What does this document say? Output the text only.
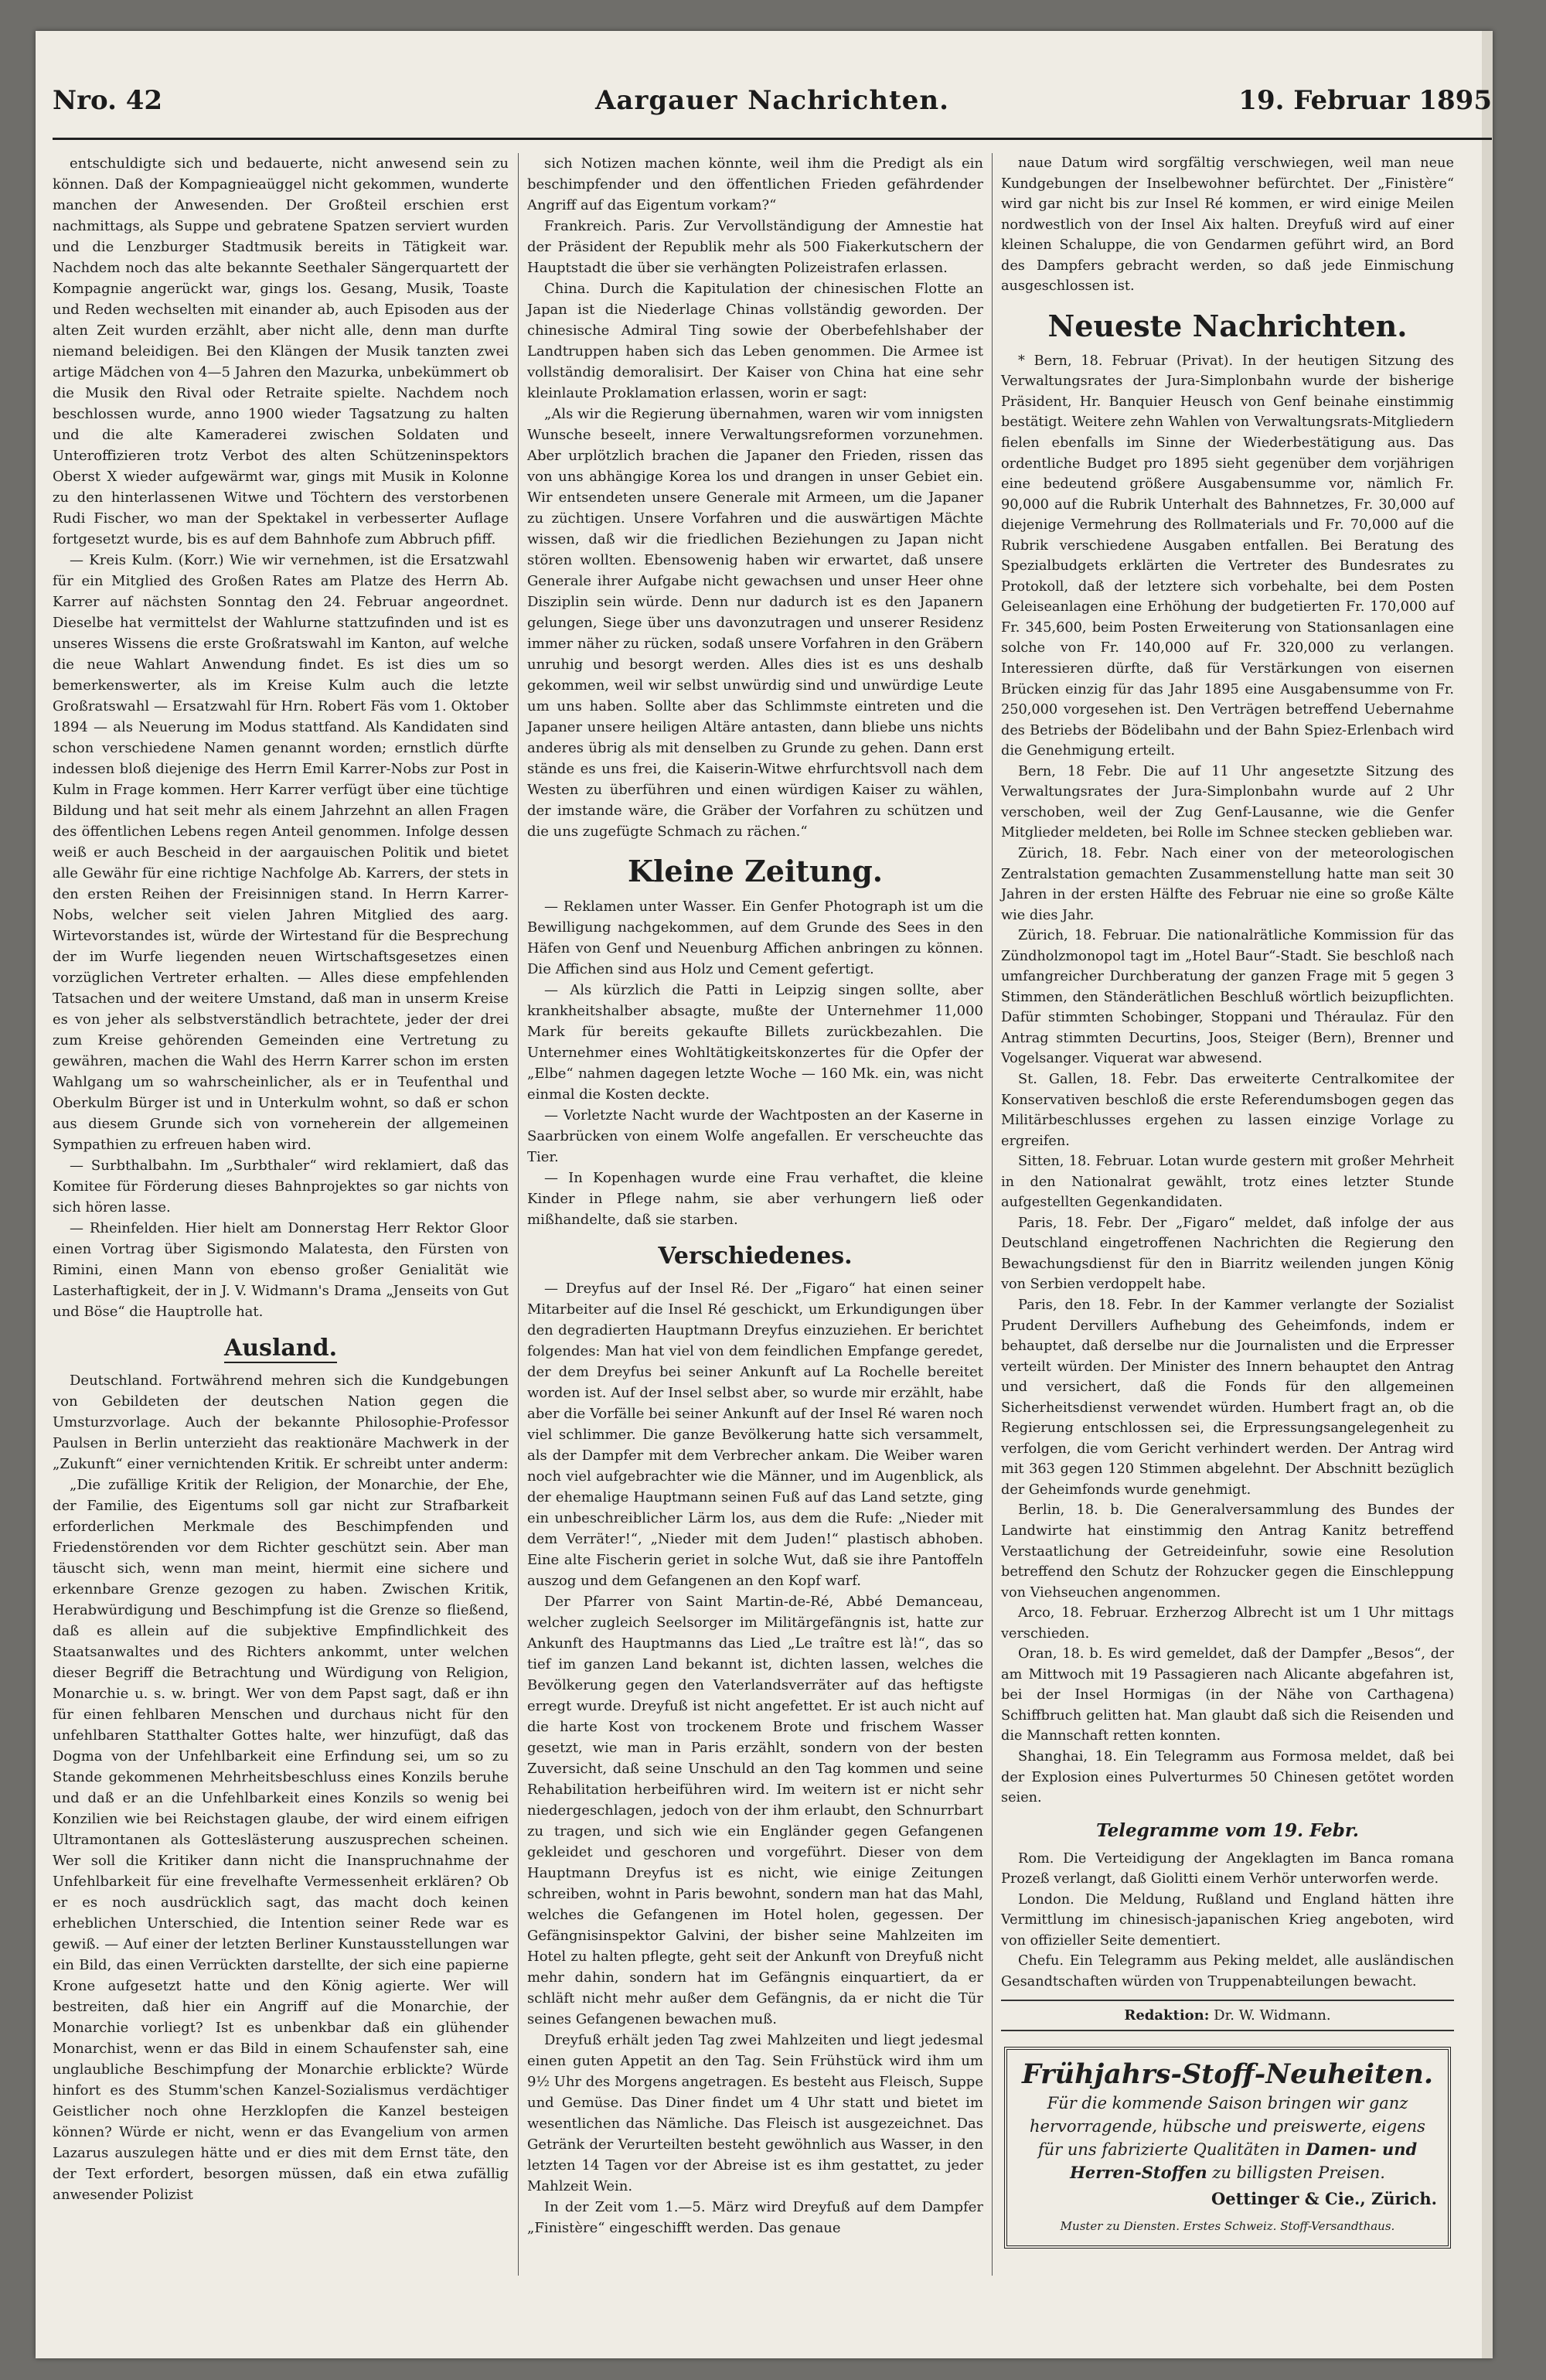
Aargauer Nachrichten.
Nro. 42	19. Februar 1895

entschuldigte sich und bedauerte, nicht anwesend sein zu können. Daß der Kompagnieaüggel nicht gekommen, wunderte manchen der Anwesenden. Der Großteil erschien erst nachmittags, als Suppe und gebratene Spatzen serviert wurden und die Lenzburger Stadtmusik bereits in Tätigkeit war. Nachdem noch das alte bekannte Seethaler Sängerquartett der Kompagnie angerückt war, gings los. Gesang, Musik, Toaste und Reden wechselten mit einander ab, auch Episoden aus der alten Zeit wurden erzählt, aber nicht alle, denn man durfte niemand beleidigen. Bei den Klängen der Musik tanzten zwei artige Mädchen von 4—5 Jahren den Mazurka, unbekümmert ob die Musik den Rival oder Retraite spielte. Nachdem noch beschlossen wurde, anno 1900 wieder Tagsatzung zu halten und die alte Kameraderei zwischen Soldaten und Unteroffizieren trotz Verbot des alten Schützeninspektors Oberst X wieder aufgewärmt war, gings mit Musik in Kolonne zu den hinterlassenen Witwe und Töchtern des verstorbenen Rudi Fischer, wo man der Spektakel in verbesserter Auflage fortgesetzt wurde, bis es auf dem Bahnhofe zum Abbruch pfiff.

— Kreis Kulm. (Korr.) Wie wir vernehmen, ist die Ersatzwahl für ein Mitglied des Großen Rates am Platze des Herrn Ab. Karrer auf nächsten Sonntag den 24. Februar angeordnet. Dieselbe hat vermittelst der Wahlurne stattzufinden und ist es unseres Wissens die erste Großratswahl im Kanton, auf welche die neue Wahlart Anwendung findet. Es ist dies um so bemerkenswerter, als im Kreise Kulm auch die letzte Großratswahl — Ersatzwahl für Hrn. Robert Fäs vom 1. Oktober 1894 — als Neuerung im Modus stattfand. Als Kandidaten sind schon verschiedene Namen genannt worden; ernstlich dürfte indessen bloß diejenige des Herrn Emil Karrer-Nobs zur Post in Kulm in Frage kommen. Herr Karrer verfügt über eine tüchtige Bildung und hat seit mehr als einem Jahrzehnt an allen Fragen des öffentlichen Lebens regen Anteil genommen. Infolge dessen weiß er auch Bescheid in der aargauischen Politik und bietet alle Gewähr für eine richtige Nachfolge Ab. Karrers, der stets in den ersten Reihen der Freisinnigen stand. In Herrn Karrer-Nobs, welcher seit vielen Jahren Mitglied des aarg. Wirtevorstandes ist, würde der Wirtestand für die Besprechung der im Wurfe liegenden neuen Wirtschaftsgesetzes einen vorzüglichen Vertreter erhalten. — Alles diese empfehlenden Tatsachen und der weitere Umstand, daß man in unserm Kreise es von jeher als selbstverständlich betrachtete, jeder der drei zum Kreise gehörenden Gemeinden eine Vertretung zu gewähren, machen die Wahl des Herrn Karrer schon im ersten Wahlgang um so wahrscheinlicher, als er in Teufenthal und Oberkulm Bürger ist und in Unterkulm wohnt, so daß er schon aus diesem Grunde sich von vorneherein der allgemeinen Sympathien zu erfreuen haben wird.

— Surbthalbahn. Im „Surbthaler“ wird reklamiert, daß das Komitee für Förderung dieses Bahnprojektes so gar nichts von sich hören lasse.

— Rheinfelden. Hier hielt am Donnerstag Herr Rektor Gloor einen Vortrag über Sigismondo Malatesta, den Fürsten von Rimini, einen Mann von ebenso großer Genialität wie Lasterhaftigkeit, der in J. V. Widmann's Drama „Jenseits von Gut und Böse“ die Hauptrolle hat.

Ausland.

Deutschland. Fortwährend mehren sich die Kundgebungen von Gebildeten der deutschen Nation gegen die Umsturzvorlage. Auch der bekannte Philosophie-Professor Paulsen in Berlin unterzieht das reaktionäre Machwerk in der „Zukunft“ einer vernichtenden Kritik. Er schreibt unter anderm:

„Die zufällige Kritik der Religion, der Monarchie, der Ehe, der Familie, des Eigentums soll gar nicht zur Strafbarkeit erforderlichen Merkmale des Beschimpfenden und Friedenstörenden vor dem Richter geschützt sein. Aber man täuscht sich, wenn man meint, hiermit eine sichere und erkennbare Grenze gezogen zu haben. Zwischen Kritik, Herabwürdigung und Beschimpfung ist die Grenze so fließend, daß es allein auf die subjektive Empfindlichkeit des Staatsanwaltes und des Richters ankommt, unter welchen dieser Begriff die Betrachtung und Würdigung von Religion, Monarchie u. s. w. bringt. Wer von dem Papst sagt, daß er ihn für einen fehlbaren Menschen und durchaus nicht für den unfehlbaren Statthalter Gottes halte, wer hinzufügt, daß das Dogma von der Unfehlbarkeit eine Erfindung sei, um so zu Stande gekommenen Mehrheitsbeschluss eines Konzils beruhe und daß er an die Unfehlbarkeit eines Konzils so wenig bei Konzilien wie bei Reichstagen glaube, der wird einem eifrigen Ultramontanen als Gotteslästerung auszusprechen scheinen. Wer soll die Kritiker dann nicht die Inanspruchnahme der Unfehlbarkeit für eine frevelhafte Vermessenheit erklären? Ob er es noch ausdrücklich sagt, das macht doch keinen erheblichen Unterschied, die Intention seiner Rede war es gewiß. — Auf einer der letzten Berliner Kunstausstellungen war ein Bild, das einen Verrückten darstellte, der sich eine papierne Krone aufgesetzt hatte und den König agierte. Wer will bestreiten, daß hier ein Angriff auf die Monarchie, der Monarchie vorliegt? Ist es unbenkbar daß ein glühender Monarchist, wenn er das Bild in einem Schaufenster sah, eine unglaubliche Beschimpfung der Monarchie erblickte? Würde hinfort es des Stumm'schen Kanzel-Sozialismus verdächtiger Geistlicher noch ohne Herzklopfen die Kanzel besteigen können? Würde er nicht, wenn er das Evangelium von armen Lazarus auszulegen hätte und er dies mit dem Ernst täte, den der Text erfordert, besorgen müssen, daß ein etwa zufällig anwesender Polizist

sich Notizen machen könnte, weil ihm die Predigt als ein beschimpfender und den öffentlichen Frieden gefährdender Angriff auf das Eigentum vorkam?“

Frankreich. Paris. Zur Vervollständigung der Amnestie hat der Präsident der Republik mehr als 500 Fiakerkutschern der Hauptstadt die über sie verhängten Polizeistrafen erlassen.

China. Durch die Kapitulation der chinesischen Flotte an Japan ist die Niederlage Chinas vollständig geworden. Der chinesische Admiral Ting sowie der Oberbefehlshaber der Landtruppen haben sich das Leben genommen. Die Armee ist vollständig demoralisirt. Der Kaiser von China hat eine sehr kleinlaute Proklamation erlassen, worin er sagt:

„Als wir die Regierung übernahmen, waren wir vom innigsten Wunsche beseelt, innere Verwaltungsreformen vorzunehmen. Aber urplötzlich brachen die Japaner den Frieden, rissen das von uns abhängige Korea los und drangen in unser Gebiet ein. Wir entsendeten unsere Generale mit Armeen, um die Japaner zu züchtigen. Unsere Vorfahren und die auswärtigen Mächte wissen, daß wir die friedlichen Beziehungen zu Japan nicht stören wollten. Ebensowenig haben wir erwartet, daß unsere Generale ihrer Aufgabe nicht gewachsen und unser Heer ohne Disziplin sein würde. Denn nur dadurch ist es den Japanern gelungen, Siege über uns davonzutragen und unserer Residenz immer näher zu rücken, sodaß unsere Vorfahren in den Gräbern unruhig und besorgt werden. Alles dies ist es uns deshalb gekommen, weil wir selbst unwürdig sind und unwürdige Leute um uns haben. Sollte aber das Schlimmste eintreten und die Japaner unsere heiligen Altäre antasten, dann bliebe uns nichts anderes übrig als mit denselben zu Grunde zu gehen. Dann erst stände es uns frei, die Kaiserin-Witwe ehrfurchtsvoll nach dem Westen zu überführen und einen würdigen Kaiser zu wählen, der imstande wäre, die Gräber der Vorfahren zu schützen und die uns zugefügte Schmach zu rächen.“

Kleine Zeitung.

— Reklamen unter Wasser. Ein Genfer Photograph ist um die Bewilligung nachgekommen, auf dem Grunde des Sees in den Häfen von Genf und Neuenburg Affichen anbringen zu können. Die Affichen sind aus Holz und Cement gefertigt.

— Als kürzlich die Patti in Leipzig singen sollte, aber krankheitshalber absagte, mußte der Unternehmer 11,000 Mark für bereits gekaufte Billets zurückbezahlen. Die Unternehmer eines Wohltätigkeitskonzertes für die Opfer der „Elbe“ nahmen dagegen letzte Woche — 160 Mk. ein, was nicht einmal die Kosten deckte.

— Vorletzte Nacht wurde der Wachtposten an der Kaserne in Saarbrücken von einem Wolfe angefallen. Er verscheuchte das Tier.

— In Kopenhagen wurde eine Frau verhaftet, die kleine Kinder in Pflege nahm, sie aber verhungern ließ oder mißhandelte, daß sie starben.

Verschiedenes.

— Dreyfus auf der Insel Ré. Der „Figaro“ hat einen seiner Mitarbeiter auf die Insel Ré geschickt, um Erkundigungen über den degradierten Hauptmann Dreyfus einzuziehen. Er berichtet folgendes: Man hat viel von dem feindlichen Empfange geredet, der dem Dreyfus bei seiner Ankunft auf La Rochelle bereitet worden ist. Auf der Insel selbst aber, so wurde mir erzählt, habe aber die Vorfälle bei seiner Ankunft auf der Insel Ré waren noch viel schlimmer. Die ganze Bevölkerung hatte sich versammelt, als der Dampfer mit dem Verbrecher ankam. Die Weiber waren noch viel aufgebrachter wie die Männer, und im Augenblick, als der ehemalige Hauptmann seinen Fuß auf das Land setzte, ging ein unbeschreiblicher Lärm los, aus dem die Rufe: „Nieder mit dem Verräter!“, „Nieder mit dem Juden!“ plastisch abhoben. Eine alte Fischerin geriet in solche Wut, daß sie ihre Pantoffeln auszog und dem Gefangenen an den Kopf warf.

Der Pfarrer von Saint Martin-de-Ré, Abbé Demanceau, welcher zugleich Seelsorger im Militärgefängnis ist, hatte zur Ankunft des Hauptmanns das Lied „Le traître est là!“, das so tief im ganzen Land bekannt ist, dichten lassen, welches die Bevölkerung gegen den Vaterlandsverräter auf das heftigste erregt wurde. Dreyfuß ist nicht angefettet. Er ist auch nicht auf die harte Kost von trockenem Brote und frischem Wasser gesetzt, wie man in Paris erzählt, sondern von der besten Zuversicht, daß seine Unschuld an den Tag kommen und seine Rehabilitation herbeiführen wird. Im weitern ist er nicht sehr niedergeschlagen, jedoch von der ihm erlaubt, den Schnurrbart zu tragen, und sich wie ein Engländer gegen Gefangenen gekleidet und geschoren und vorgeführt. Dieser von dem Hauptmann Dreyfus ist es nicht, wie einige Zeitungen schreiben, wohnt in Paris bewohnt, sondern man hat das Mahl, welches die Gefangenen im Hotel holen, gegessen. Der Gefängnisinspektor Galvini, der bisher seine Mahlzeiten im Hotel zu halten pflegte, geht seit der Ankunft von Dreyfuß nicht mehr dahin, sondern hat im Gefängnis einquartiert, da er schläft nicht mehr außer dem Gefängnis, da er nicht die Tür seines Gefangenen bewachen muß.

Dreyfuß erhält jeden Tag zwei Mahlzeiten und liegt jedesmal einen guten Appetit an den Tag. Sein Frühstück wird ihm um 9½ Uhr des Morgens angetragen. Es besteht aus Fleisch, Suppe und Gemüse. Das Diner findet um 4 Uhr statt und bietet im wesentlichen das Nämliche. Das Fleisch ist ausgezeichnet. Das Getränk der Verurteilten besteht gewöhnlich aus Wasser, in den letzten 14 Tagen vor der Abreise ist es ihm gestattet, zu jeder Mahlzeit Wein.

In der Zeit vom 1.—5. März wird Dreyfuß auf dem Dampfer „Finistère“ eingeschifft werden. Das genaue

naue Datum wird sorgfältig verschwiegen, weil man neue Kundgebungen der Inselbewohner befürchtet. Der „Finistère“ wird gar nicht bis zur Insel Ré kommen, er wird einige Meilen nordwestlich von der Insel Aix halten. Dreyfuß wird auf einer kleinen Schaluppe, die von Gendarmen geführt wird, an Bord des Dampfers gebracht werden, so daß jede Einmischung ausgeschlossen ist.

Neueste Nachrichten.

* Bern, 18. Februar (Privat). In der heutigen Sitzung des Verwaltungsrates der Jura-Simplonbahn wurde der bisherige Präsident, Hr. Banquier Heusch von Genf beinahe einstimmig bestätigt. Weitere zehn Wahlen von Verwaltungsrats-Mitgliedern fielen ebenfalls im Sinne der Wiederbestätigung aus. Das ordentliche Budget pro 1895 sieht gegenüber dem vorjährigen eine bedeutend größere Ausgabensumme vor, nämlich Fr. 90,000 auf die Rubrik Unterhalt des Bahnnetzes, Fr. 30,000 auf diejenige Vermehrung des Rollmaterials und Fr. 70,000 auf die Rubrik verschiedene Ausgaben entfallen. Bei Beratung des Spezialbudgets erklärten die Vertreter des Bundesrates zu Protokoll, daß der letztere sich vorbehalte, bei dem Posten Geleiseanlagen eine Erhöhung der budgetierten Fr. 170,000 auf Fr. 345,600, beim Posten Erweiterung von Stationsanlagen eine solche von Fr. 140,000 auf Fr. 320,000 zu verlangen. Interessieren dürfte, daß für Verstärkungen von eisernen Brücken einzig für das Jahr 1895 eine Ausgabensumme von Fr. 250,000 vorgesehen ist. Den Verträgen betreffend Uebernahme des Betriebs der Bödelibahn und der Bahn Spiez-Erlenbach wird die Genehmigung erteilt.

Bern, 18 Febr. Die auf 11 Uhr angesetzte Sitzung des Verwaltungsrates der Jura-Simplonbahn wurde auf 2 Uhr verschoben, weil der Zug Genf-Lausanne, wie die Genfer Mitglieder meldeten, bei Rolle im Schnee stecken geblieben war.

Zürich, 18. Febr. Nach einer von der meteorologischen Zentralstation gemachten Zusammenstellung hatte man seit 30 Jahren in der ersten Hälfte des Februar nie eine so große Kälte wie dies Jahr.

Zürich, 18. Februar. Die nationalrätliche Kommission für das Zündholzmonopol tagt im „Hotel Baur“-Stadt. Sie beschloß nach umfangreicher Durchberatung der ganzen Frage mit 5 gegen 3 Stimmen, den Ständerätlichen Beschluß wörtlich beizupflichten. Dafür stimmten Schobinger, Stoppani und Théraulaz. Für den Antrag stimmten Decurtins, Joos, Steiger (Bern), Brenner und Vogelsanger. Viquerat war abwesend.

St. Gallen, 18. Febr. Das erweiterte Centralkomitee der Konservativen beschloß die erste Referendumsbogen gegen das Militärbeschlusses ergehen zu lassen einzige Vorlage zu ergreifen.

Sitten, 18. Februar. Lotan wurde gestern mit großer Mehrheit in den Nationalrat gewählt, trotz eines letzter Stunde aufgestellten Gegenkandidaten.

Paris, 18. Febr. Der „Figaro“ meldet, daß infolge der aus Deutschland eingetroffenen Nachrichten die Regierung den Bewachungsdienst für den in Biarritz weilenden jungen König von Serbien verdoppelt habe.

Paris, den 18. Febr. In der Kammer verlangte der Sozialist Prudent Dervillers Aufhebung des Geheimfonds, indem er behauptet, daß derselbe nur die Journalisten und die Erpresser verteilt würden. Der Minister des Innern behauptet den Antrag und versichert, daß die Fonds für den allgemeinen Sicherheitsdienst verwendet würden. Humbert fragt an, ob die Regierung entschlossen sei, die Erpressungsangelegenheit zu verfolgen, die vom Gericht verhindert werden. Der Antrag wird mit 363 gegen 120 Stimmen abgelehnt. Der Abschnitt bezüglich der Geheimfonds wurde genehmigt.

Berlin, 18. b. Die Generalversammlung des Bundes der Landwirte hat einstimmig den Antrag Kanitz betreffend Verstaatlichung der Getreideinfuhr, sowie eine Resolution betreffend den Schutz der Rohzucker gegen die Einschleppung von Viehseuchen angenommen.

Arco, 18. Februar. Erzherzog Albrecht ist um 1 Uhr mittags verschieden.

Oran, 18. b. Es wird gemeldet, daß der Dampfer „Besos“, der am Mittwoch mit 19 Passagieren nach Alicante abgefahren ist, bei der Insel Hormigas (in der Nähe von Carthagena) Schiffbruch gelitten hat. Man glaubt daß sich die Reisenden und die Mannschaft retten konnten.

Shanghai, 18. Ein Telegramm aus Formosa meldet, daß bei der Explosion eines Pulverturmes 50 Chinesen getötet worden seien.

Telegramme vom 19. Febr.

Rom. Die Verteidigung der Angeklagten im Banca romana Prozeß verlangt, daß Giolitti einem Verhör unterworfen werde.

London. Die Meldung, Rußland und England hätten ihre Vermittlung im chinesisch-japanischen Krieg angeboten, wird von offizieller Seite dementiert.

Chefu. Ein Telegramm aus Peking meldet, alle ausländischen Gesandtschaften würden von Truppenabteilungen bewacht.

Redaktion: Dr. W. Widmann.
Frühjahrs-Stoff-Neuheiten.
Für die kommende Saison bringen wir ganz hervorragende, hübsche und preiswerte, eigens für uns fabrizierte Qualitäten in Damen- und Herren-Stoffen zu billigsten Preisen.
Oettinger & Cie., Zürich.
Muster zu Diensten. Erstes Schweiz. Stoff-Versandthaus.
